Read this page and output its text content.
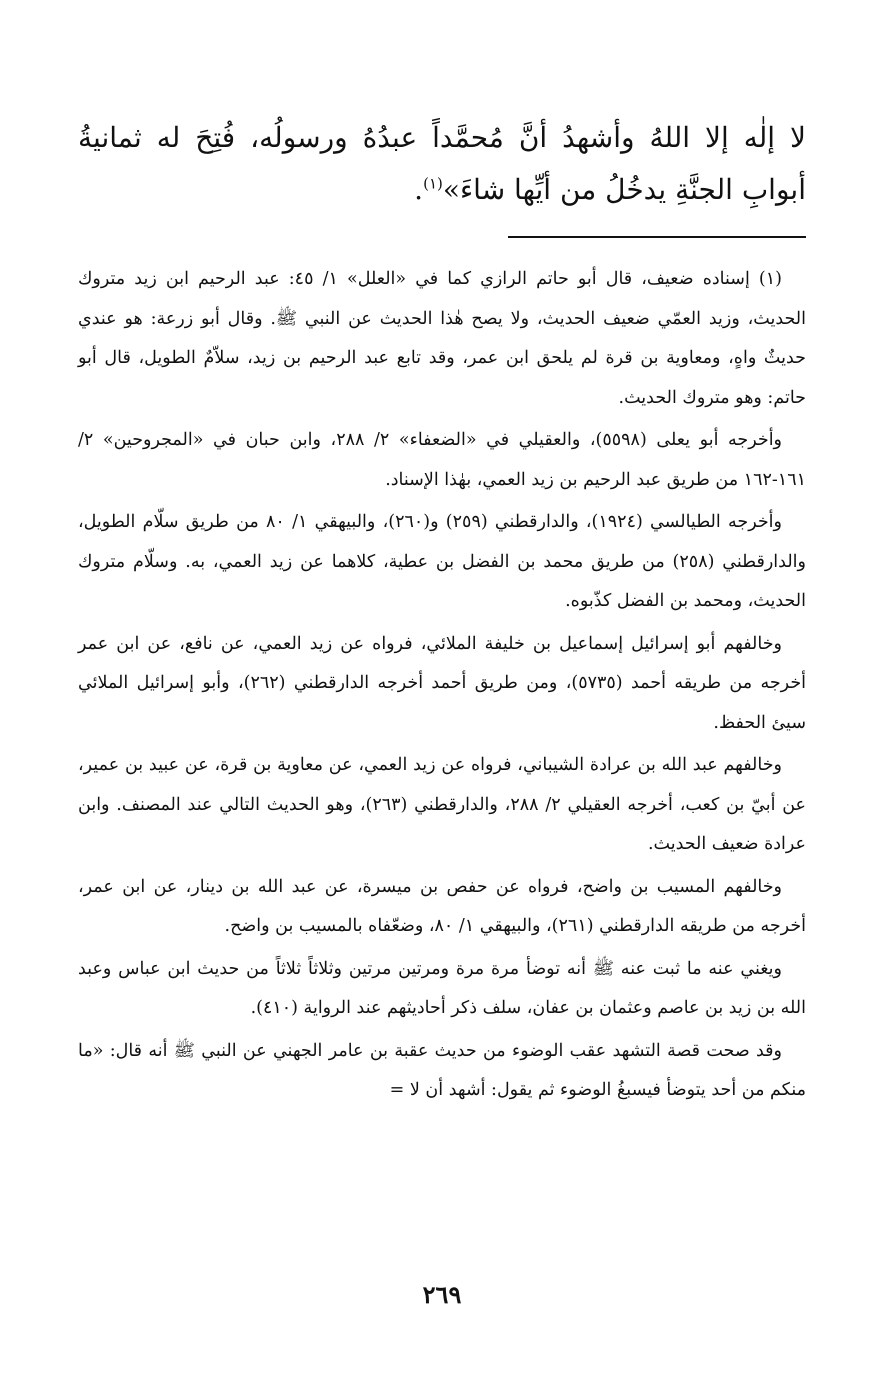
لا إلٰه إلا اللهُ وأشهدُ أنَّ مُحمَّداً عبدُهُ ورسولُه، فُتِحَ له ثمانيةُ أبوابِ الجنَّةِ يدخُلُ من أيِّها شاءَ»$^{(١)}$.

(١) إسناده ضعيف، قال أبو حاتم الرازي كما في «العلل» ١/ ٤٥: عبد الرحيم ابن زيد متروك الحديث، وزيد العمّي ضعيف الحديث، ولا يصح هٰذا الحديث عن النبي ﷺ. وقال أبو زرعة: هو عندي حديثٌ واهٍ، ومعاوية بن قرة لم يلحق ابن عمر، وقد تابع عبد الرحيم بن زيد، سلاّمٌ الطويل، قال أبو حاتم: وهو متروك الحديث.

وأخرجه أبو يعلى (٥٥٩٨)، والعقيلي في «الضعفاء» ٢/ ٢٨٨، وابن حبان في «المجروحين» ٢/ ١٦١-١٦٢ من طريق عبد الرحيم بن زيد العمي، بهٰذا الإسناد.

وأخرجه الطيالسي (١٩٢٤)، والدارقطني (٢٥٩) و(٢٦٠)، والبيهقي ١/ ٨٠ من طريق سلّام الطويل، والدارقطني (٢٥٨) من طريق محمد بن الفضل بن عطية، كلاهما عن زيد العمي، به. وسلّام متروك الحديث، ومحمد بن الفضل كذّبوه.

وخالفهم أبو إسرائيل إسماعيل بن خليفة الملائي، فرواه عن زيد العمي، عن نافع، عن ابن عمر أخرجه من طريقه أحمد (٥٧٣٥)، ومن طريق أحمد أخرجه الدارقطني (٢٦٢)، وأبو إسرائيل الملائي سيئ الحفظ.

وخالفهم عبد الله بن عرادة الشيباني، فرواه عن زيد العمي، عن معاوية بن قرة، عن عبيد بن عمير، عن أبيّ بن كعب، أخرجه العقيلي ٢/ ٢٨٨، والدارقطني (٢٦٣)، وهو الحديث التالي عند المصنف. وابن عرادة ضعيف الحديث.

وخالفهم المسيب بن واضح، فرواه عن حفص بن ميسرة، عن عبد الله بن دينار، عن ابن عمر، أخرجه من طريقه الدارقطني (٢٦١)، والبيهقي ١/ ٨٠، وضعّفاه بالمسيب بن واضح.

ويغني عنه ما ثبت عنه ﷺ أنه توضأ مرة مرة ومرتين مرتين وثلاثاً ثلاثاً من حديث ابن عباس وعبد الله بن زيد بن عاصم وعثمان بن عفان، سلف ذكر أحاديثهم عند الرواية (٤١٠).

وقد صحت قصة التشهد عقب الوضوء من حديث عقبة بن عامر الجهني عن النبي ﷺ أنه قال: «ما منكم من أحد يتوضأ فيسبغُ الوضوء ثم يقول: أشهد أن لا =

٢٦٩
